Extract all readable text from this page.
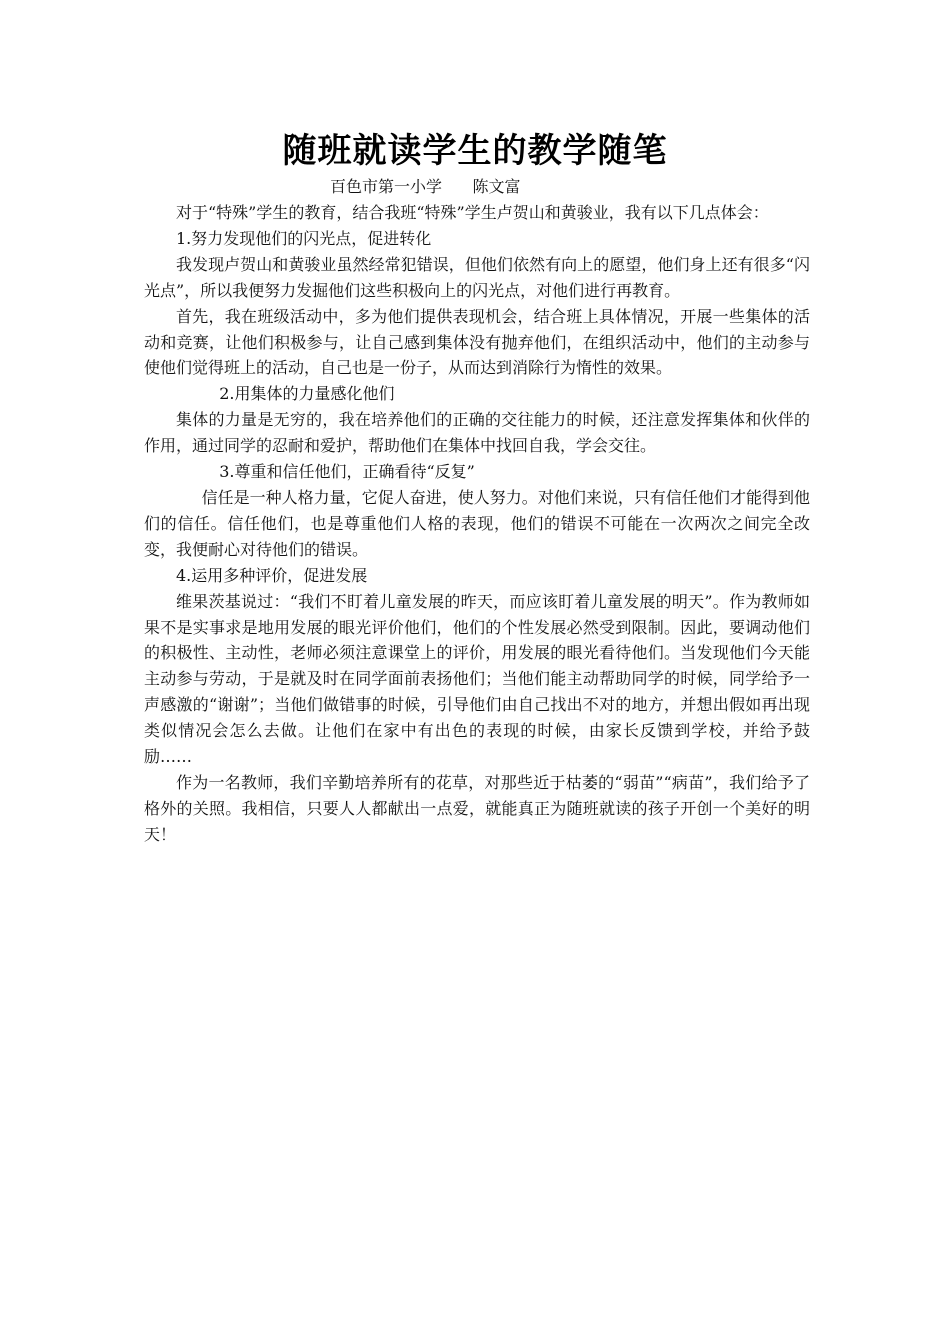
随班就读学生的教学随笔
百色市第一小学      陈文富

对于“特殊”学生的教育，结合我班“特殊”学生卢贺山和黄骏业，我有以下几点体会：

1.努力发现他们的闪光点，促进转化

我发现卢贺山和黄骏业虽然经常犯错误，但他们依然有向上的愿望，他们身上还有很多“闪光点”，所以我便努力发掘他们这些积极向上的闪光点，对他们进行再教育。

首先，我在班级活动中，多为他们提供表现机会，结合班上具体情况，开展一些集体的活动和竞赛，让他们积极参与，让自己感到集体没有抛弃他们，在组织活动中，他们的主动参与使他们觉得班上的活动，自己也是一份子，从而达到消除行为惰性的效果。

2.用集体的力量感化他们

集体的力量是无穷的，我在培养他们的正确的交往能力的时候，还注意发挥集体和伙伴的作用，通过同学的忍耐和爱护，帮助他们在集体中找回自我，学会交往。

3.尊重和信任他们，正确看待“反复”

信任是一种人格力量，它促人奋进，使人努力。对他们来说，只有信任他们才能得到他们的信任。信任他们，也是尊重他们人格的表现，他们的错误不可能在一次两次之间完全改变，我便耐心对待他们的错误。

4.运用多种评价，促进发展

维果茨基说过：“我们不盯着儿童发展的昨天，而应该盯着儿童发展的明天”。作为教师如果不是实事求是地用发展的眼光评价他们，他们的个性发展必然受到限制。因此，要调动他们的积极性、主动性，老师必须注意课堂上的评价，用发展的眼光看待他们。当发现他们今天能主动参与劳动，于是就及时在同学面前表扬他们；当他们能主动帮助同学的时候，同学给予一声感激的“谢谢”；当他们做错事的时候，引导他们由自己找出不对的地方，并想出假如再出现类似情况会怎么去做。让他们在家中有出色的表现的时候，由家长反馈到学校，并给予鼓励……

作为一名教师，我们辛勤培养所有的花草，对那些近于枯萎的“弱苗”“病苗”，我们给予了格外的关照。我相信，只要人人都献出一点爱，就能真正为随班就读的孩子开创一个美好的明天！
